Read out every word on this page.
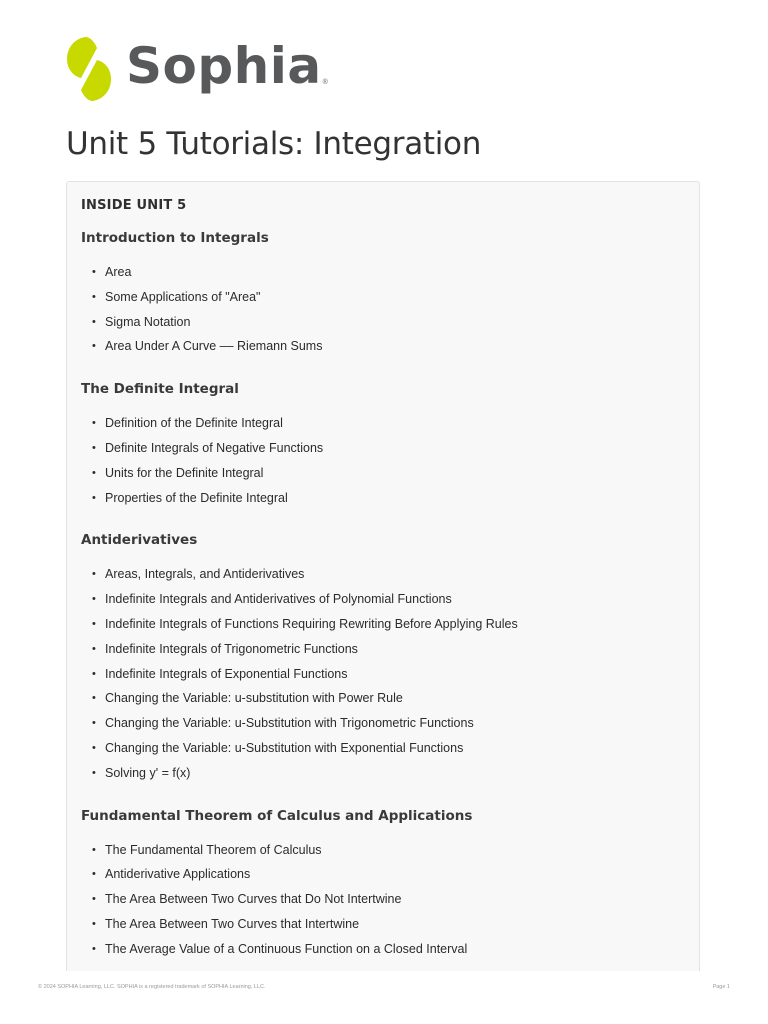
Sophia ®
Unit 5 Tutorials: Integration
INSIDE UNIT 5
Introduction to Integrals
• Area
• Some Applications of "Area"
• Sigma Notation
• Area Under A Curve –– Riemann Sums
The Definite Integral
• Definition of the Definite Integral
• Definite Integrals of Negative Functions
• Units for the Definite Integral
• Properties of the Definite Integral
Antiderivatives
• Areas, Integrals, and Antiderivatives
• Indefinite Integrals and Antiderivatives of Polynomial Functions
• Indefinite Integrals of Functions Requiring Rewriting Before Applying Rules
• Indefinite Integrals of Trigonometric Functions
• Indefinite Integrals of Exponential Functions
• Changing the Variable: u-substitution with Power Rule
• Changing the Variable: u-Substitution with Trigonometric Functions
• Changing the Variable: u-Substitution with Exponential Functions
• Solving y' = f(x)
Fundamental Theorem of Calculus and Applications
• The Fundamental Theorem of Calculus
• Antiderivative Applications
• The Area Between Two Curves that Do Not Intertwine
• The Area Between Two Curves that Intertwine
• The Average Value of a Continuous Function on a Closed Interval
© 2024 SOPHIA Learning, LLC. SOPHIA is a registered trademark of SOPHIA Learning, LLC.	Page 1
